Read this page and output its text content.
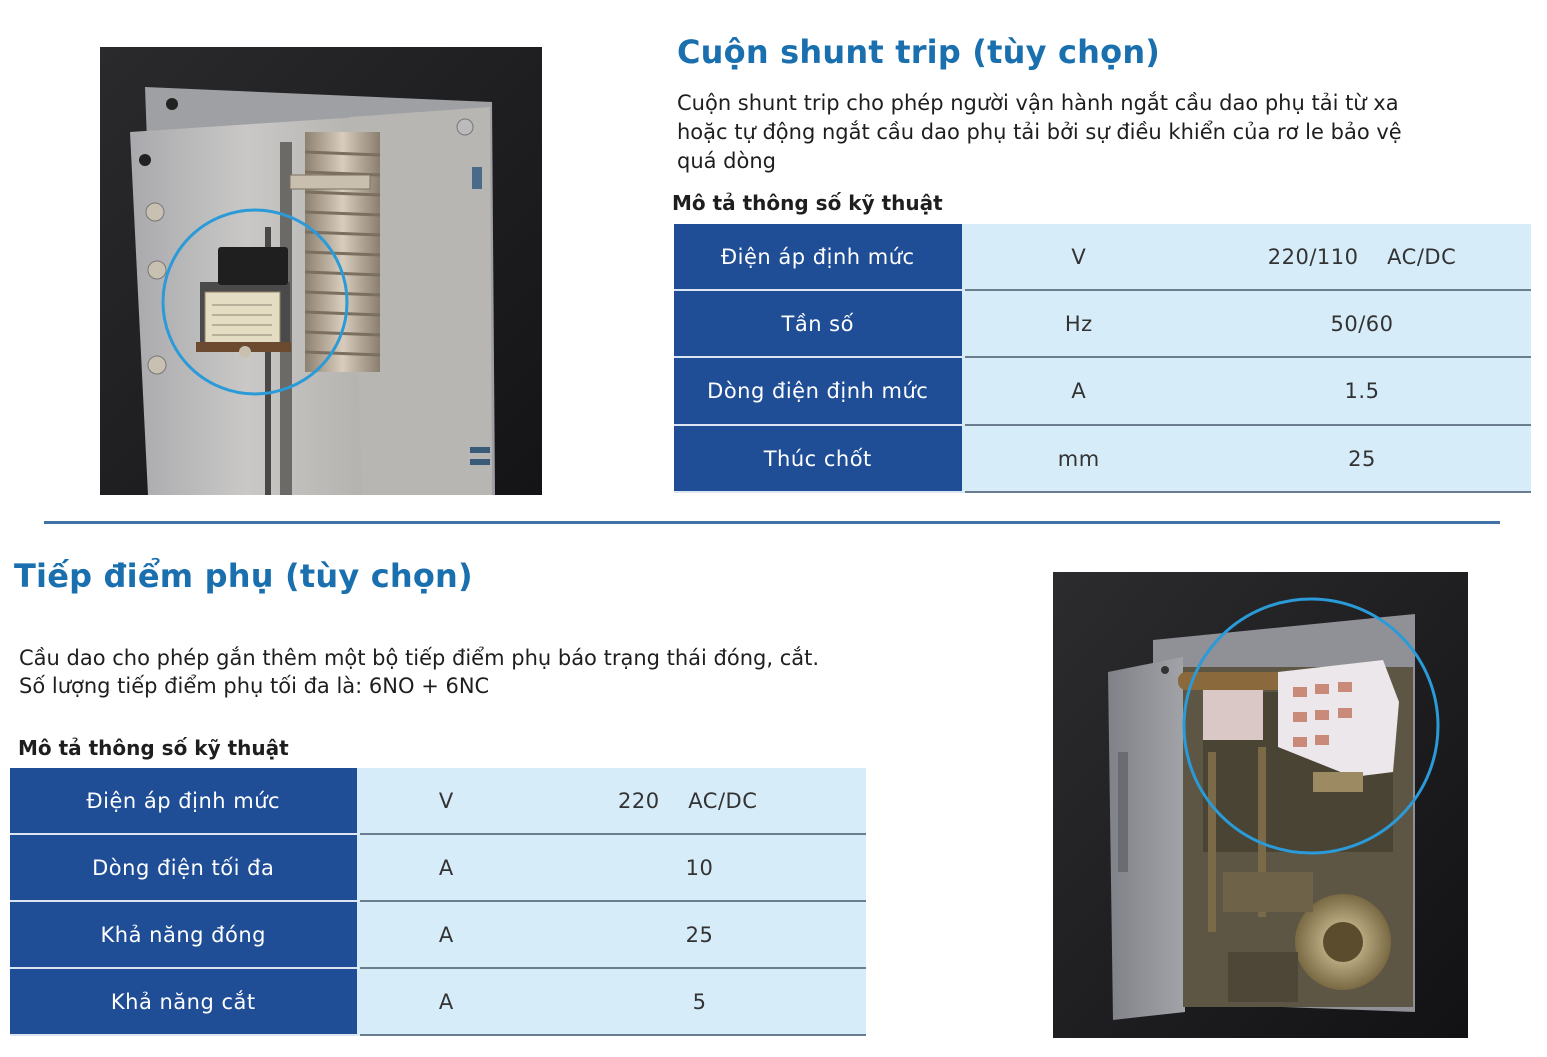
Cuộn shunt trip (tùy chọn)
Cuộn shunt trip cho phép người vận hành ngắt cầu dao phụ tải từ xa
hoặc tự động ngắt cầu dao phụ tải bởi sự điều khiển của rơ le bảo vệ
quá dòng
Mô tả thông số kỹ thuật
Điện áp định mức	V	220/110    AC/DC
Tần số	Hz	50/60
Dòng điện định mức	A	1.5
Thúc chốt	mm	25
Tiếp điểm phụ (tùy chọn)
Cầu dao cho phép gắn thêm một bộ tiếp điểm phụ báo trạng thái đóng, cắt.
Số lượng tiếp điểm phụ tối đa là: 6NO + 6NC
Mô tả thông số kỹ thuật
Điện áp định mức	V	220    AC/DC
Dòng điện tối đa	A	10
Khả năng đóng	A	25
Khả năng cắt	A	5
